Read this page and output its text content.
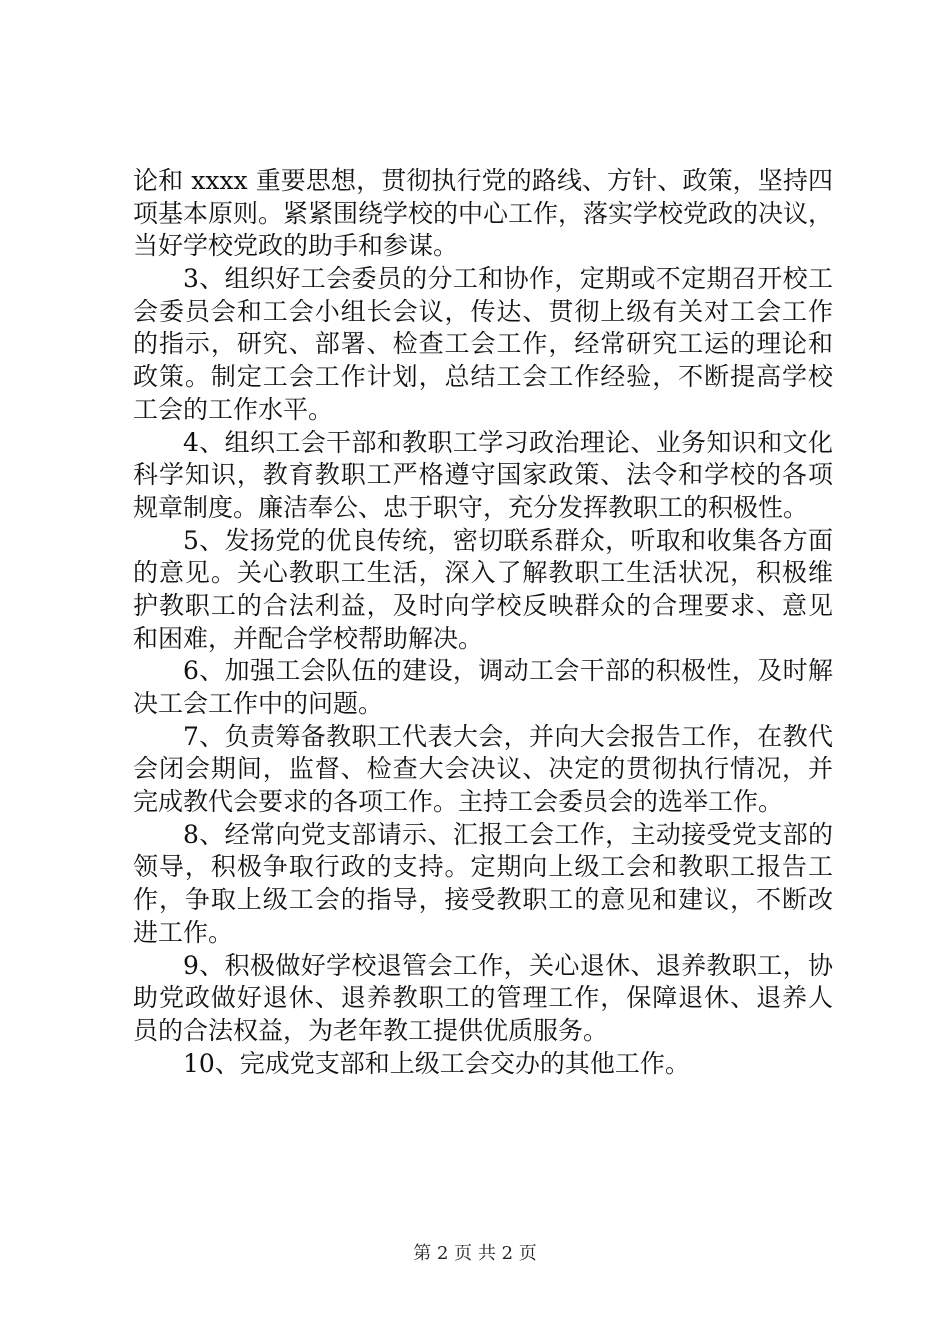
论和 xxxx 重要思想，贯彻执行党的路线、方针、政策，坚持四
项基本原则。紧紧围绕学校的中心工作，落实学校党政的决议，
当好学校党政的助手和参谋。
3、组织好工会委员的分工和协作，定期或不定期召开校工
会委员会和工会小组长会议，传达、贯彻上级有关对工会工作
的指示，研究、部署、检查工会工作，经常研究工运的理论和
政策。制定工会工作计划，总结工会工作经验，不断提高学校
工会的工作水平。
4、组织工会干部和教职工学习政治理论、业务知识和文化
科学知识，教育教职工严格遵守国家政策、法令和学校的各项
规章制度。廉洁奉公、忠于职守，充分发挥教职工的积极性。
5、发扬党的优良传统，密切联系群众，听取和收集各方面
的意见。关心教职工生活，深入了解教职工生活状况，积极维
护教职工的合法利益，及时向学校反映群众的合理要求、意见
和困难，并配合学校帮助解决。
6、加强工会队伍的建设，调动工会干部的积极性，及时解
决工会工作中的问题。
7、负责筹备教职工代表大会，并向大会报告工作，在教代
会闭会期间，监督、检查大会决议、决定的贯彻执行情况，并
完成教代会要求的各项工作。主持工会委员会的选举工作。
8、经常向党支部请示、汇报工会工作，主动接受党支部的
领导，积极争取行政的支持。定期向上级工会和教职工报告工
作，争取上级工会的指导，接受教职工的意见和建议，不断改
进工作。
9、积极做好学校退管会工作，关心退休、退养教职工，协
助党政做好退休、退养教职工的管理工作，保障退休、退养人
员的合法权益，为老年教工提供优质服务。
10、完成党支部和上级工会交办的其他工作。
第 2 页 共 2 页
